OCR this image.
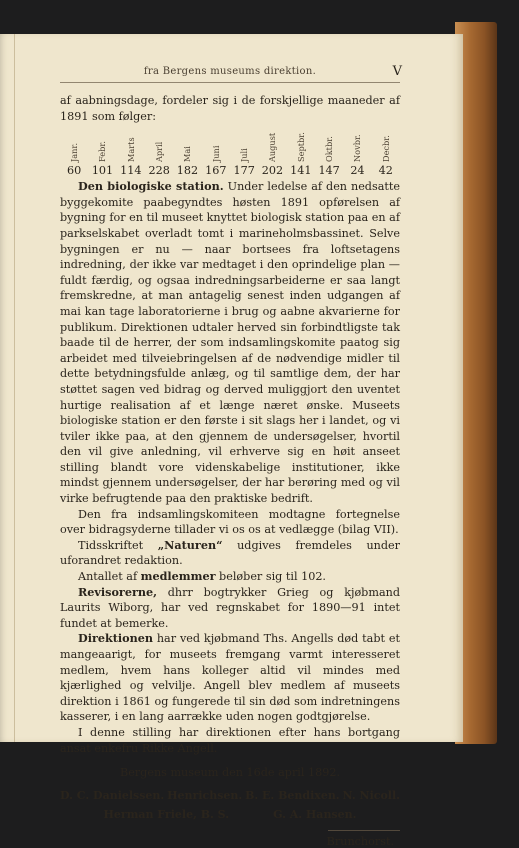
fra Bergens museums direktion.	V

af aabningsdage, fordeler sig i de forskjellige maaneder af 1891 som følger:

Janr. Febr. Marts April Mai Juni Juli August Septbr. Oktbr. Novbr. Decbr.
60 101 114 228 182 167 177 202 141 147 24	42

Den biologiske station. Under ledelse af den nedsatte byggekomite paabegyndtes høsten 1891 opførelsen af bygning for en til museet knyttet biologisk station paa en af parkselskabet overladt tomt i marineholmsbassinet. Selve bygningen er nu — naar bortsees fra loftsetagens indredning, der ikke var medtaget i den oprindelige plan — fuldt færdig, og ogsaa indredningsarbeiderne er saa langt fremskredne, at man antagelig senest inden udgangen af mai kan tage laboratorierne i brug og aabne akvarierne for publikum. Direktionen udtaler herved sin forbindtligste tak baade til de herrer, der som indsamlingskomite paatog sig arbeidet med tilveiebringelsen af de nødvendige midler til dette betydningsfulde anlæg, og til samtlige dem, der har støttet sagen ved bidrag og derved muliggjort den uventet hurtige realisation af et længe næret ønske. Museets biologiske station er den første i sit slags her i landet, og vi tviler ikke paa, at den gjennem de undersøgelser, hvortil den vil give anledning, vil erhverve sig en høit anseet stilling blandt vore videnskabelige institutioner, ikke mindst gjennem undersøgelser, der har berøring med og vil virke befrugtende paa den praktiske bedrift.

Den fra indsamlingskomiteen modtagne fortegnelse over bidragsyderne tillader vi os os at vedlægge (bilag VII).

Tidsskriftet „Naturen“ udgives fremdeles under uforandret redaktion.

Antallet af medlemmer beløber sig til 102.

Revisorerne, dhrr bogtrykker Grieg og kjøbmand Laurits Wiborg, har ved regnskabet for 1890—91 intet fundet at bemerke.

Direktionen har ved kjøbmand Ths. Angells død tabt et mangeaarigt, for museets fremgang varmt interesseret medlem, hvem hans kolleger altid vil mindes med kjærlighed og velvilje. Angell blev medlem af museets direktion i 1861 og fungerede til sin død som indretningens kasserer, i en lang aarrække uden nogen godtgjørelse.

I denne stilling har direktionen efter hans bortgang ansat enkefru Rikke Angell.

Bergens museum den 16de april 1892.
D. C. Danielssen. Henrichsen. B. E. Bendixen. N. Nicoll.
Herman Friele, B. S.	G. A. Hansen.
Brunchorst.
